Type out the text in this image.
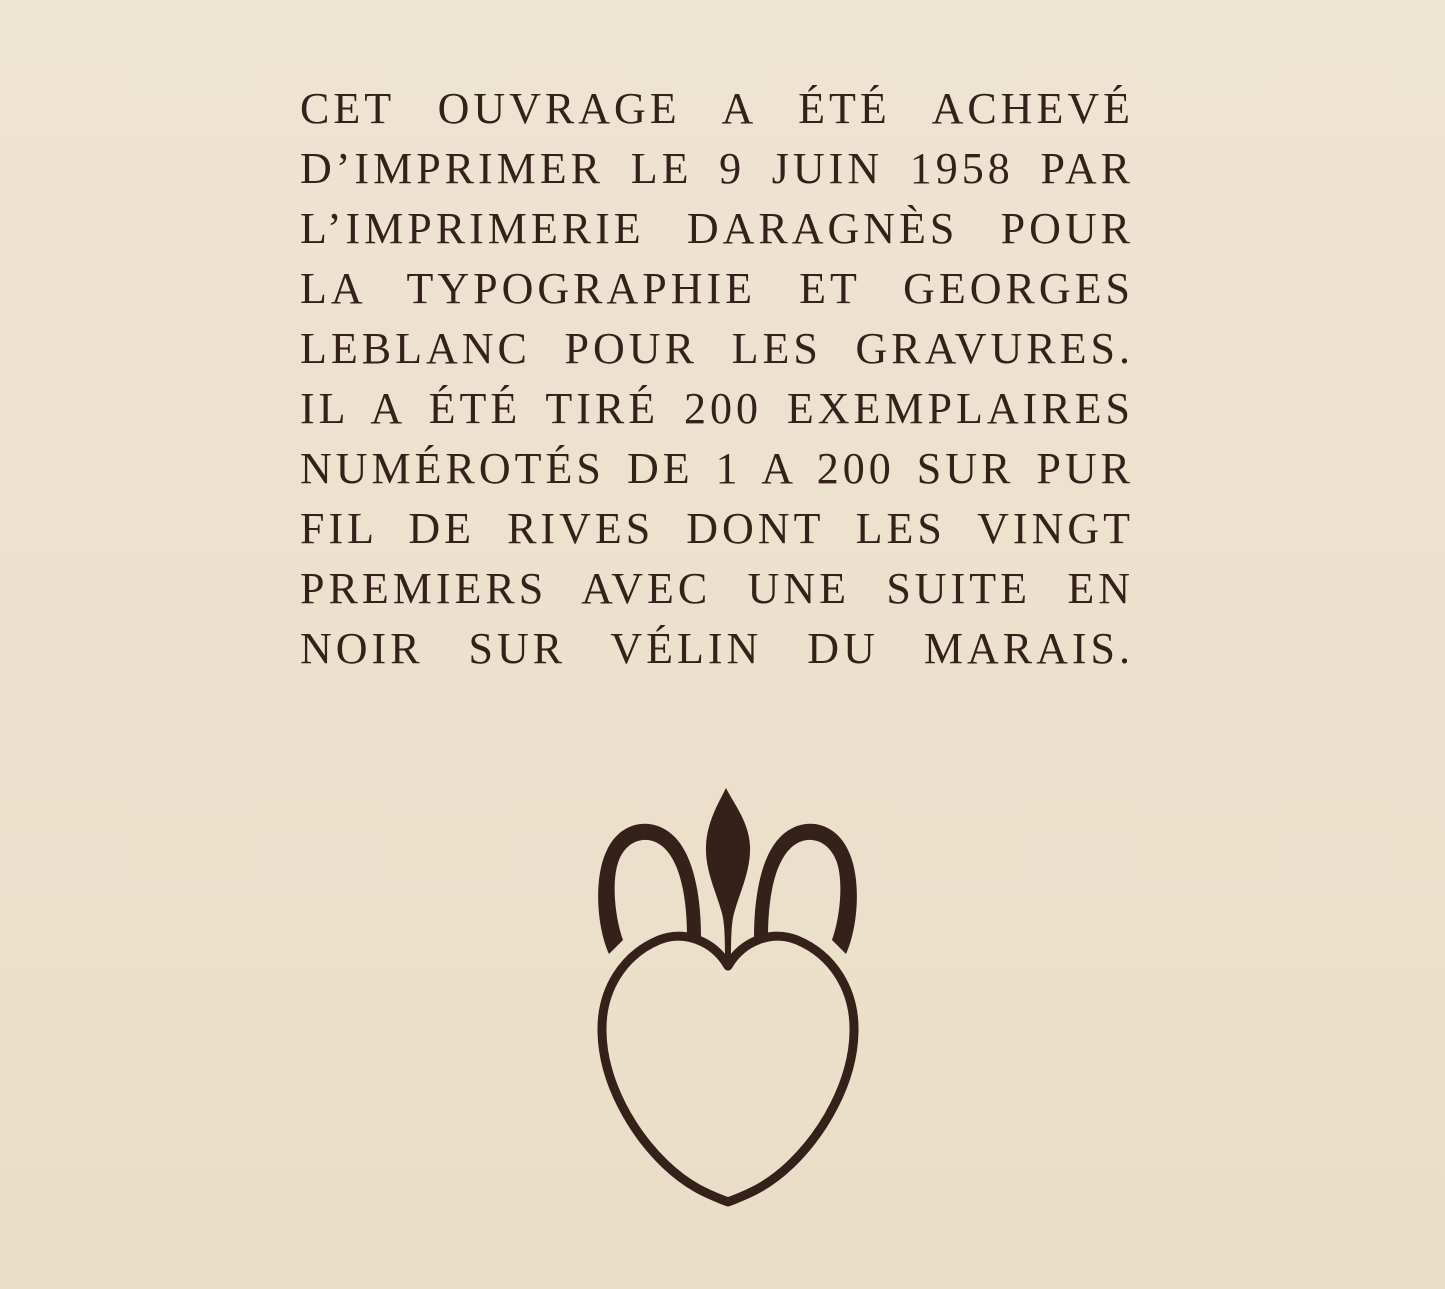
CET OUVRAGE A ÉTÉ ACHEVÉ
D’IMPRIMER LE 9 JUIN 1958 PAR
L’IMPRIMERIE DARAGNÈS POUR
LA TYPOGRAPHIE ET GEORGES
LEBLANC POUR LES GRAVURES.
IL A ÉTÉ TIRÉ 200 EXEMPLAIRES
NUMÉROTÉS DE 1 A 200 SUR PUR
FIL DE RIVES DONT LES VINGT
PREMIERS AVEC UNE SUITE EN
NOIR SUR VÉLIN DU MARAIS.
